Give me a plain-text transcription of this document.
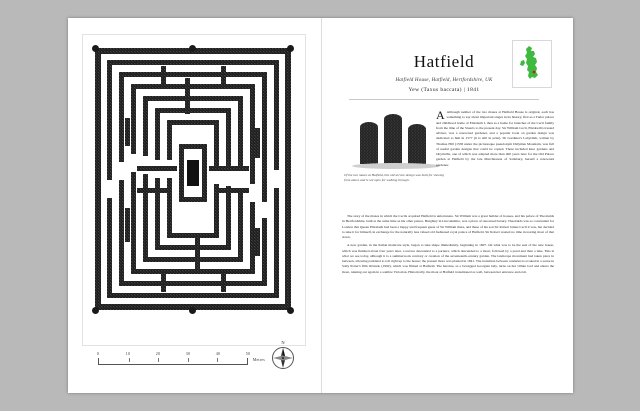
0	10	20	30	40	50
Metres
N
Hatfield
Hatfield House, Hatfield, Hertfordshire, UK
Yew (Taxus baccata) | 1841
Of the two mazes at Hatfield, this old service design was built for viewing from above and is not open for walking through.

A Although neither of the two mazes at Hatfield House is original, each has something to say about important stages in its history, first as a Tudor palace and childhood home of Elizabeth I, then as a home for branches of the Cecil family from the time of the Stuarts to the present day. Sir William Cecil, Elizabeth's trusted adviser, was a renowned gardener, and a popular book on garden design was dedicated to him in 1577 (it is still in print). Dr Gardiner's Labyrinth, written by Thomas Hill (1558 under the picturesque pseudonym Didymus Mountain, was full of useful garden designs that could be copied. These included knot gardens and labyrinths, one of which was adapted more than 400 years later for the Old Palace garden at Hatfield by the late Marchioness of Salisbury, herself a renowned gardener.

The story of the mazes in which the Cecils acquired Hatfield is unfortunate. Sir William was a great builder of houses, and his palace of Theobalds in Hertfordshire, built at the same time as his other palace, Burghley in Lincolnshire, was a place of renowned luxury. Theobalds was so convenient for London that Queen Elizabeth had been a happy and frequent guest of Sir William there, and these of his son Sir Robert James Cecil it was, but decided to take it for himself, in exchange for the naturally less valued old fashioned royal palace of Hatfield. Sir Robert wasted no time in tearing most of that down.

A new garden, in the Italian manicure style, began to take shape immediately, beginning in 1607. On what was to be the east of the new house, which was finished about four years later, a terrace descended to a parterre, which descended to a moat, followed by a pond and then a lake. This is what we see today, although it is a summerwork contrary or creation of the seventeenth-century garden. The landscape movement had taken place in between, allowing parkland to roll right up to the house; the present more was planted in 1841. The transition between centuries is evoked in a scene in Sally Potter's film Orlando (1992), which was filmed at Hatfield. The heroine, as a bewigged Georgian lady, turns on her villain lord and enters the moat, running out again in a sombre Victorian. Historically, the moat at Hatfield transitioned as well, between her entrance and exit.
